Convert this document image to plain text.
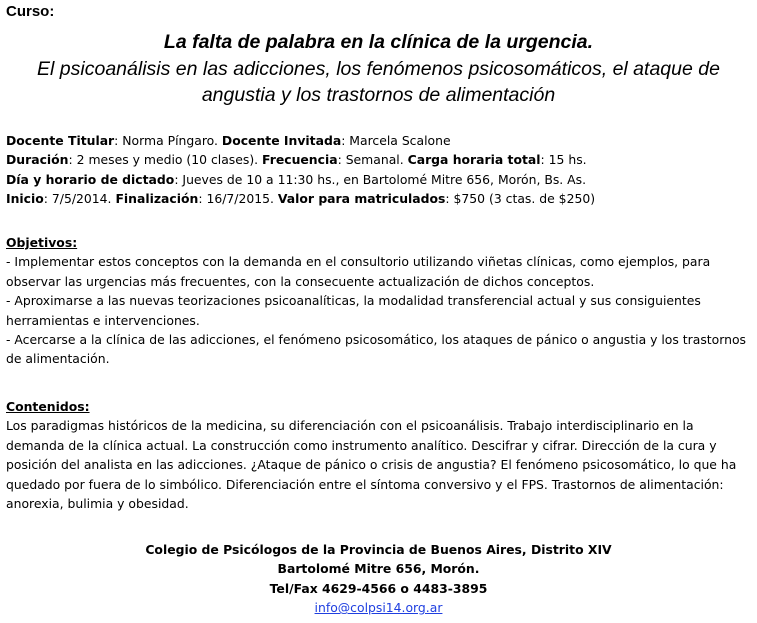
Curso:

La falta de palabra en la clínica de la urgencia.

El psicoanálisis en las adicciones, los fenómenos psicosomáticos, el ataque de
angustia y los trastornos de alimentación

Docente Titular: Norma Píngaro. Docente Invitada: Marcela Scalone

Duración: 2 meses y medio (10 clases). Frecuencia: Semanal. Carga horaria total: 15 hs.

Día y horario de dictado: Jueves de 10 a 11:30 hs., en Bartolomé Mitre 656, Morón, Bs. As.

Inicio: 7/5/2014. Finalización: 16/7/2015. Valor para matriculados: $750 (3 ctas. de $250)

Objetivos:

- Implementar estos conceptos con la demanda en el consultorio utilizando viñetas clínicas, como ejemplos, para observar las urgencias más frecuentes, con la consecuente actualización de dichos conceptos.

- Aproximarse a las nuevas teorizaciones psicoanalíticas, la modalidad transferencial actual y sus consiguientes herramientas e intervenciones.

- Acercarse a la clínica de las adicciones, el fenómeno psicosomático, los ataques de pánico o angustia y los trastornos de alimentación.

Contenidos:

Los paradigmas históricos de la medicina, su diferenciación con el psicoanálisis. Trabajo interdisciplinario en la demanda de la clínica actual. La construcción como instrumento analítico. Descifrar y cifrar. Dirección de la cura y posición del analista en las adicciones. ¿Ataque de pánico o crisis de angustia? El fenómeno psicosomático, lo que ha quedado por fuera de lo simbólico. Diferenciación entre el síntoma conversivo y el FPS. Trastornos de alimentación: anorexia, bulimia y obesidad.

Colegio de Psicólogos de la Provincia de Buenos Aires, Distrito XIV

Bartolomé Mitre 656, Morón.

Tel/Fax 4629-4566 o 4483-3895

info@colpsi14.org.ar
